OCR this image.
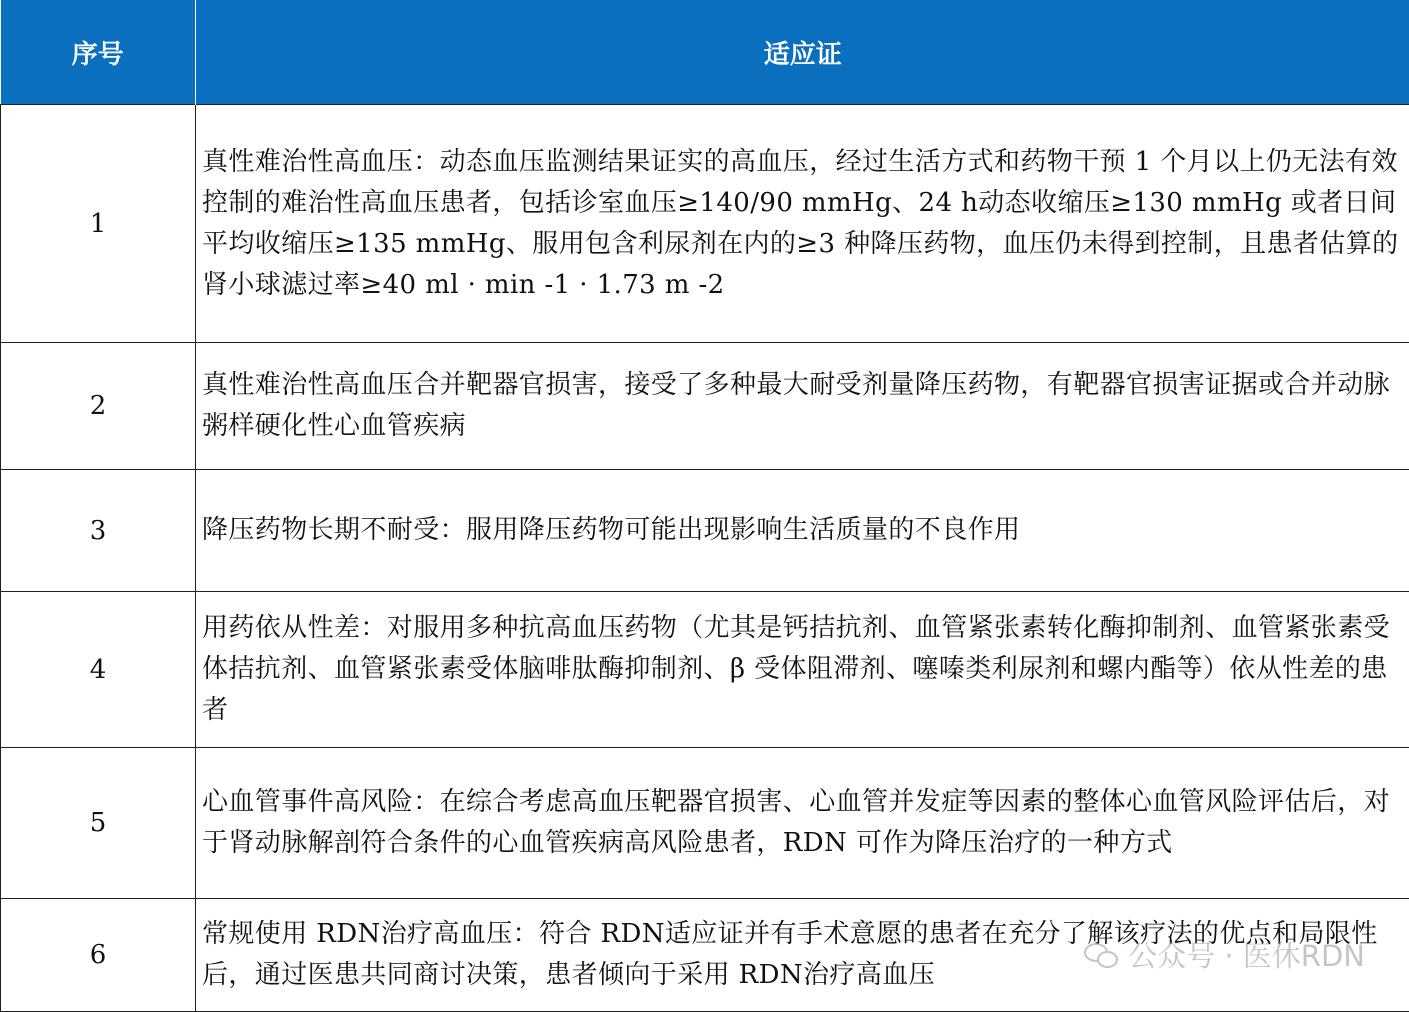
序号	适应证
1	真性难治性高血压：动态血压监测结果证实的高血压，经过生活方式和药物干预 1 个月以上仍无法有效控制的难治性高血压患者，包括诊室血压≥140/90 mmHg、24 h动态收缩压≥130 mmHg 或者日间平均收缩压≥135 mmHg、服用包含利尿剂在内的≥3 种降压药物，血压仍未得到控制，且患者估算的肾小球滤过率≥40 ml · min -1 · 1.73 m -2
2	真性难治性高血压合并靶器官损害，接受了多种最大耐受剂量降压药物，有靶器官损害证据或合并动脉粥样硬化性心血管疾病
3	降压药物长期不耐受：服用降压药物可能出现影响生活质量的不良作用
4	用药依从性差：对服用多种抗高血压药物（尤其是钙拮抗剂、血管紧张素转化酶抑制剂、血管紧张素受体拮抗剂、血管紧张素受体脑啡肽酶抑制剂、β 受体阻滞剂、噻嗪类利尿剂和螺内酯等）依从性差的患者
5	心血管事件高风险：在综合考虑高血压靶器官损害、心血管并发症等因素的整体心血管风险评估后，对于肾动脉解剖符合条件的心血管疾病高风险患者，RDN 可作为降压治疗的一种方式
6	常规使用 RDN治疗高血压：符合 RDN适应证并有手术意愿的患者在充分了解该疗法的优点和局限性后，通过医患共同商讨决策，患者倾向于采用 RDN治疗高血压
公众号 · 医休RDN
